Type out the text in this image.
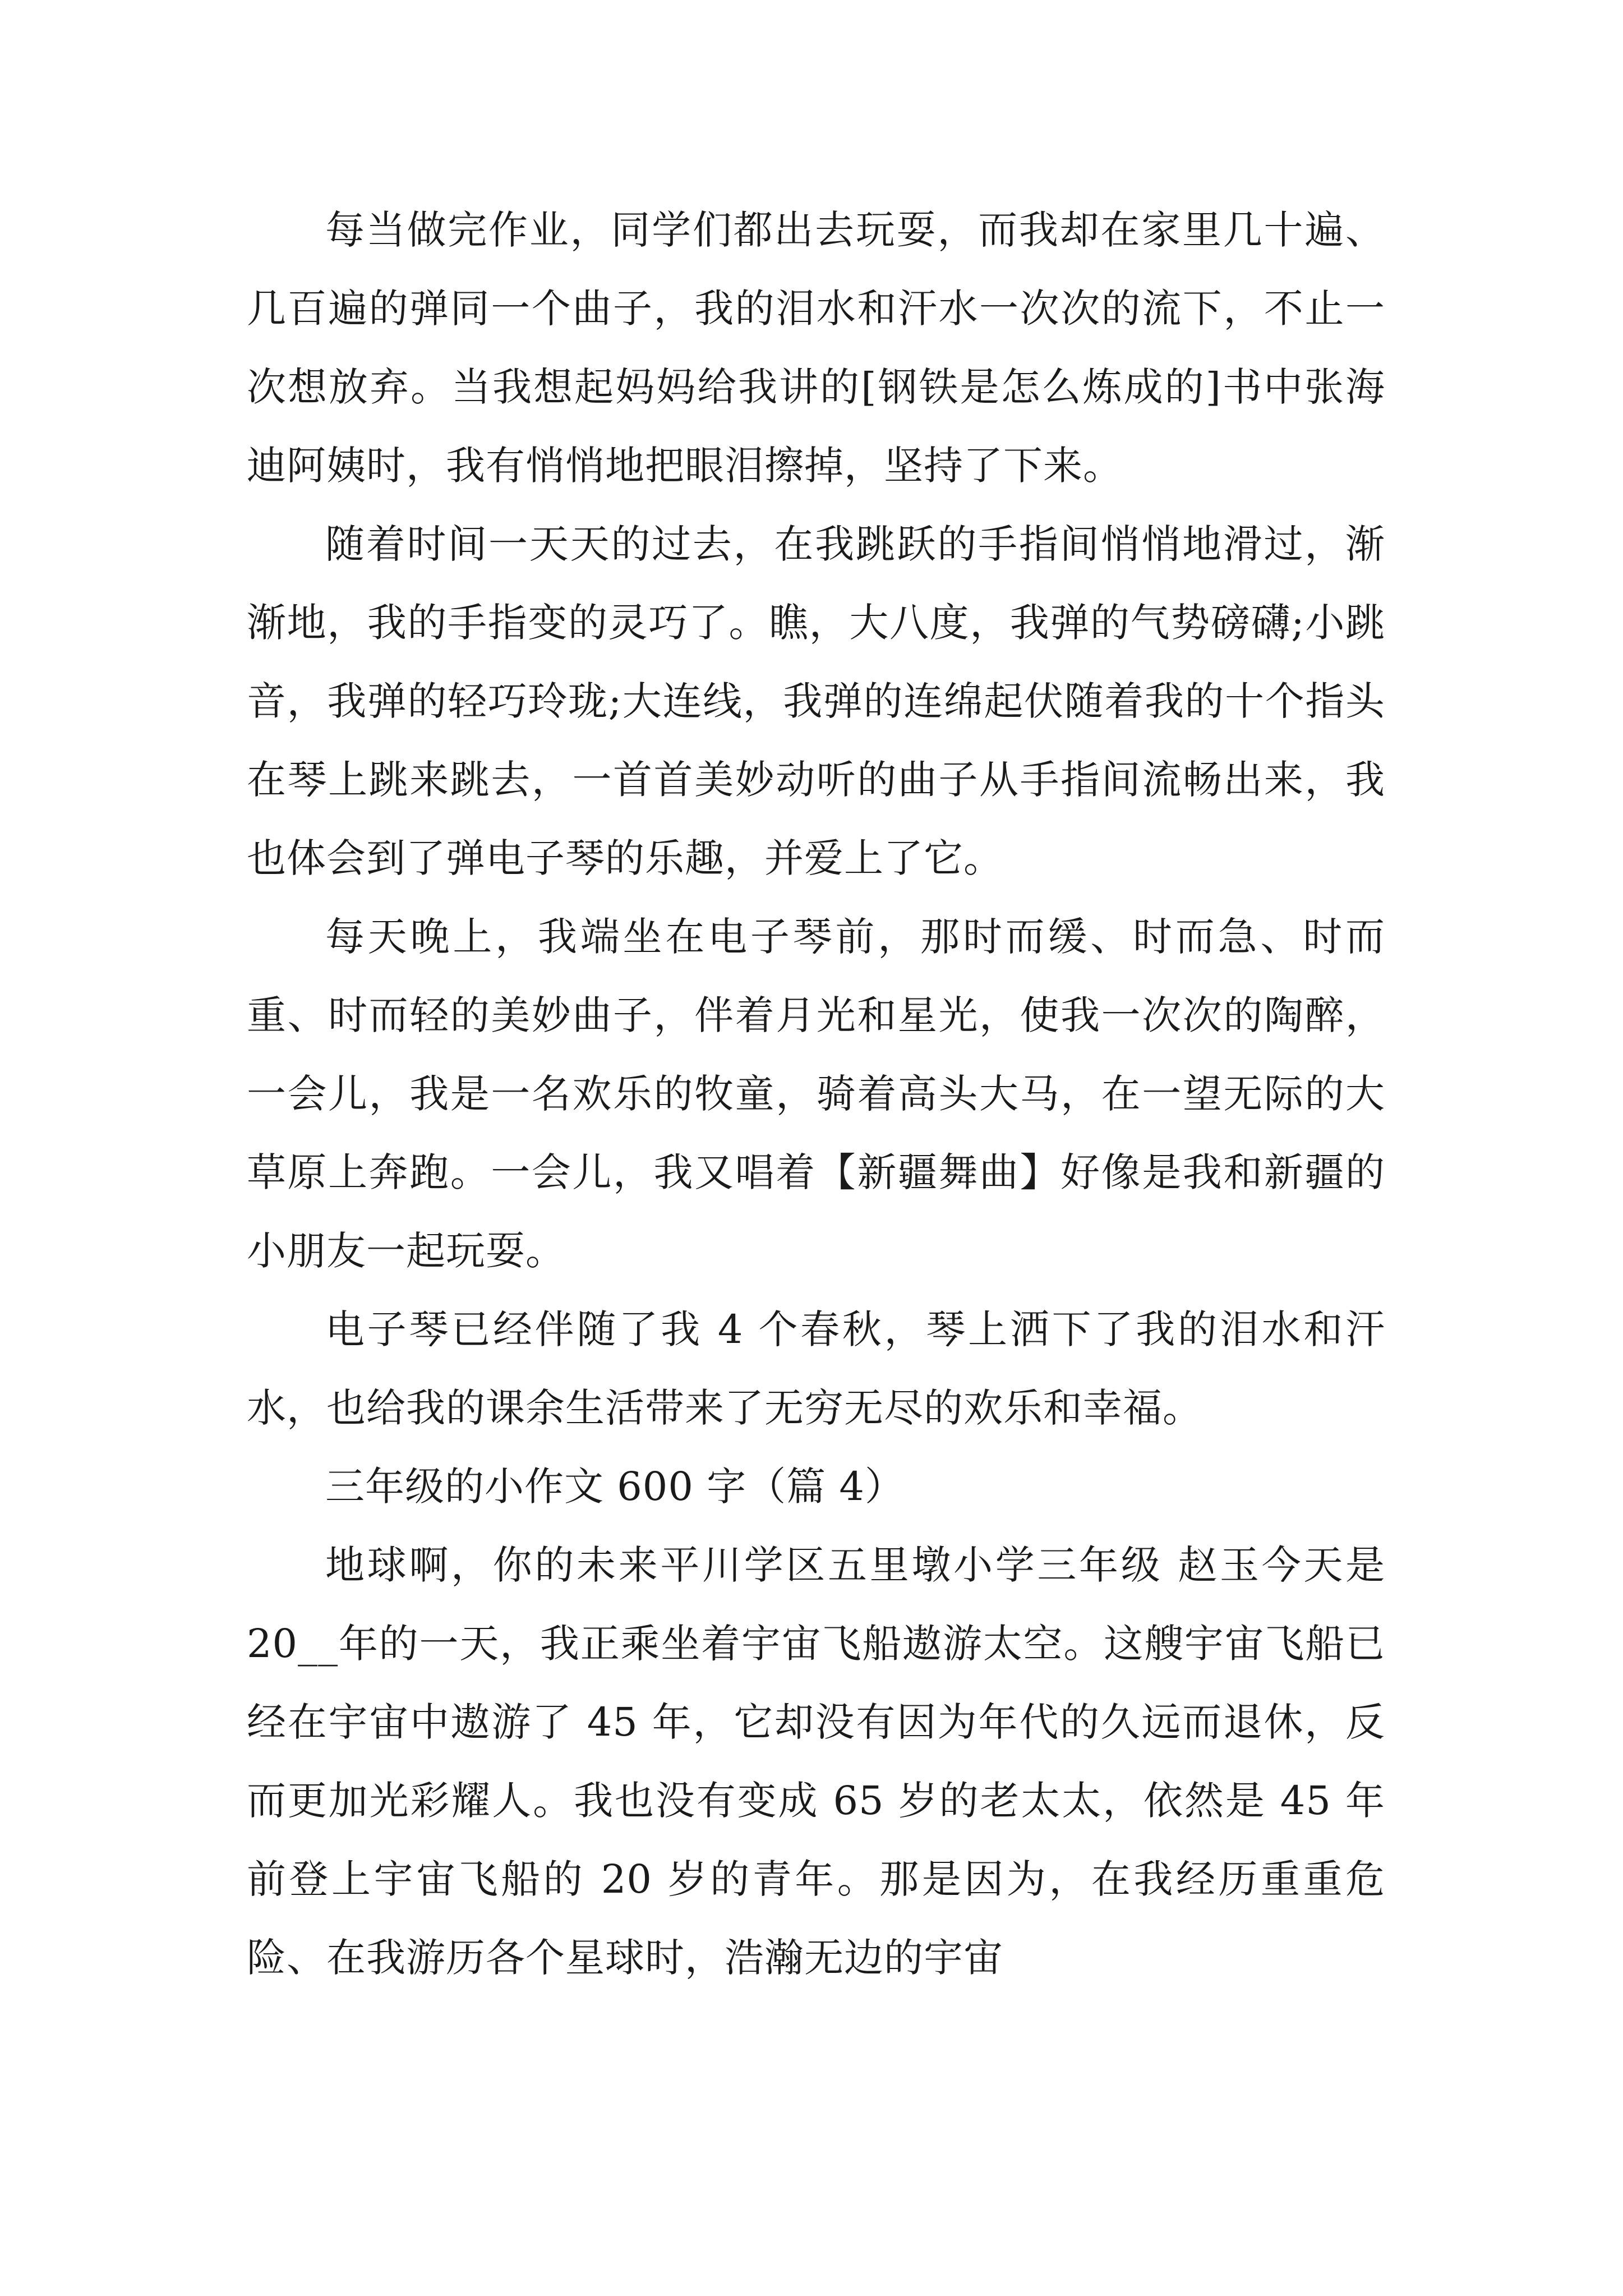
每当做完作业，同学们都出去玩耍，而我却在家里几十遍、几百遍的弹同一个曲子，我的泪水和汗水一次次的流下，不止一次想放弃。当我想起妈妈给我讲的[钢铁是怎么炼成的]书中张海迪阿姨时，我有悄悄地把眼泪擦掉，坚持了下来。

随着时间一天天的过去，在我跳跃的手指间悄悄地滑过，渐渐地，我的手指变的灵巧了。瞧，大八度，我弹的气势磅礴;小跳音，我弹的轻巧玲珑;大连线，我弹的连绵起伏随着我的十个指头在琴上跳来跳去，一首首美妙动听的曲子从手指间流畅出来，我也体会到了弹电子琴的乐趣，并爱上了它。

每天晚上，我端坐在电子琴前，那时而缓、时而急、时而重、时而轻的美妙曲子，伴着月光和星光，使我一次次的陶醉，一会儿，我是一名欢乐的牧童，骑着高头大马，在一望无际的大草原上奔跑。一会儿，我又唱着【新疆舞曲】好像是我和新疆的小朋友一起玩耍。

电子琴已经伴随了我 4 个春秋，琴上洒下了我的泪水和汗水，也给我的课余生活带来了无穷无尽的欢乐和幸福。

三年级的小作文 600 字（篇 4）

地球啊，你的未来平川学区五里墩小学三年级 赵玉今天是 20__年的一天，我正乘坐着宇宙飞船遨游太空。这艘宇宙飞船已经在宇宙中遨游了 45 年，它却没有因为年代的久远而退休，反而更加光彩耀人。我也没有变成 65 岁的老太太，依然是 45 年前登上宇宙飞船的 20 岁的青年。那是因为，在我经历重重危险、在我游历各个星球时，浩瀚无边的宇宙
